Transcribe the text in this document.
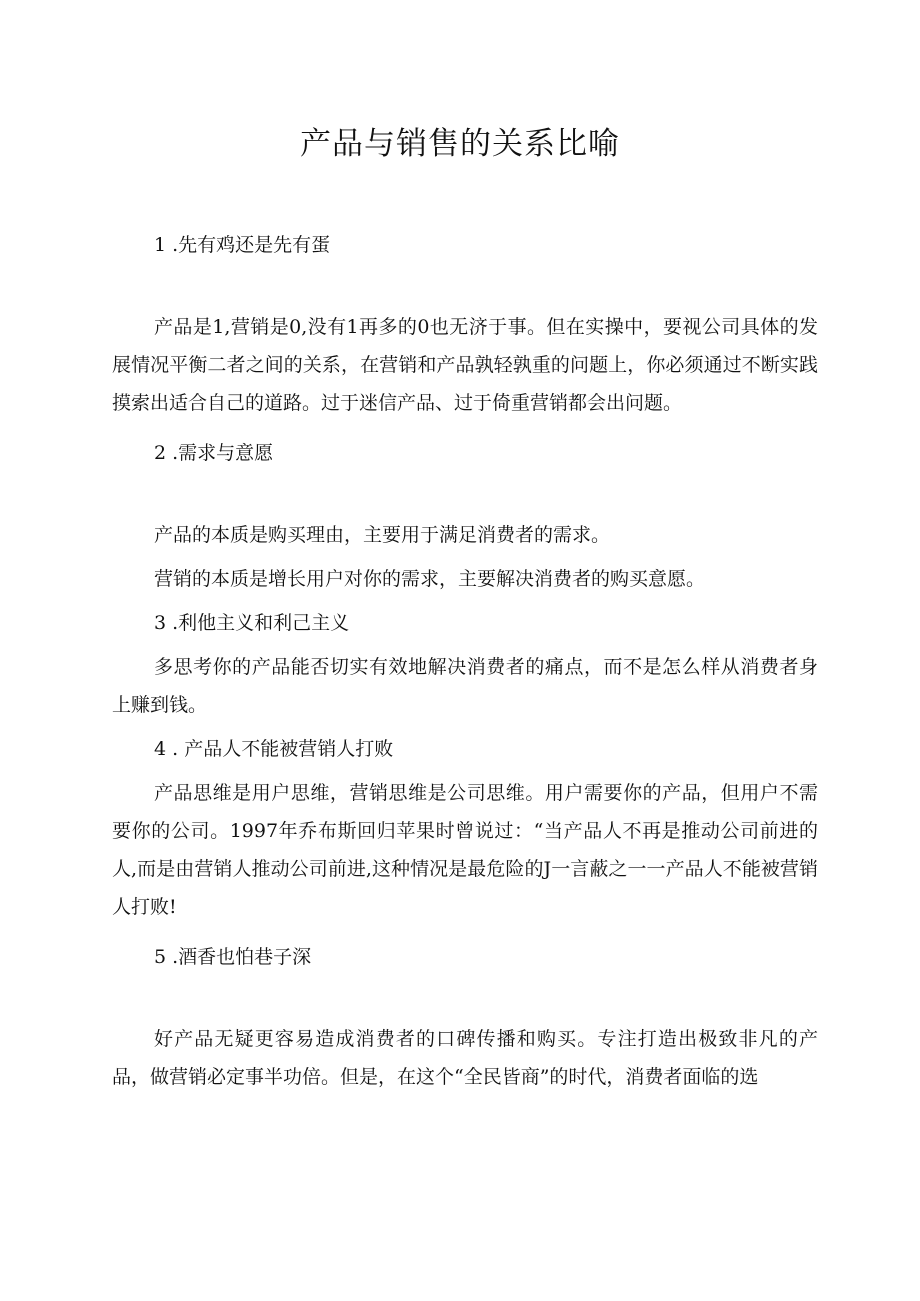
产品与销售的关系比喻

1 .先有鸡还是先有蛋

产品是1,营销是0,没有1再多的0也无济于事。但在实操中，要视公司具体的发展情况平衡二者之间的关系，在营销和产品孰轻孰重的问题上，你必须通过不断实践摸索出适合自己的道路。过于迷信产品、过于倚重营销都会出问题。

2 .需求与意愿

产品的本质是购买理由，主要用于满足消费者的需求。

营销的本质是增长用户对你的需求，主要解决消费者的购买意愿。

3 .利他主义和利己主义

多思考你的产品能否切实有效地解决消费者的痛点，而不是怎么样从消费者身上赚到钱。

4 . 产品人不能被营销人打败

产品思维是用户思维，营销思维是公司思维。用户需要你的产品，但用户不需要你的公司。1997年乔布斯回归苹果时曾说过：“当产品人不再是推动公司前进的人,而是由营销人推动公司前进,这种情况是最危险的J一言蔽之一一产品人不能被营销人打败!

5 .酒香也怕巷子深

好产品无疑更容易造成消费者的口碑传播和购买。专注打造出极致非凡的产品，做营销必定事半功倍。但是，在这个“全民皆商”的时代，消费者面临的选
